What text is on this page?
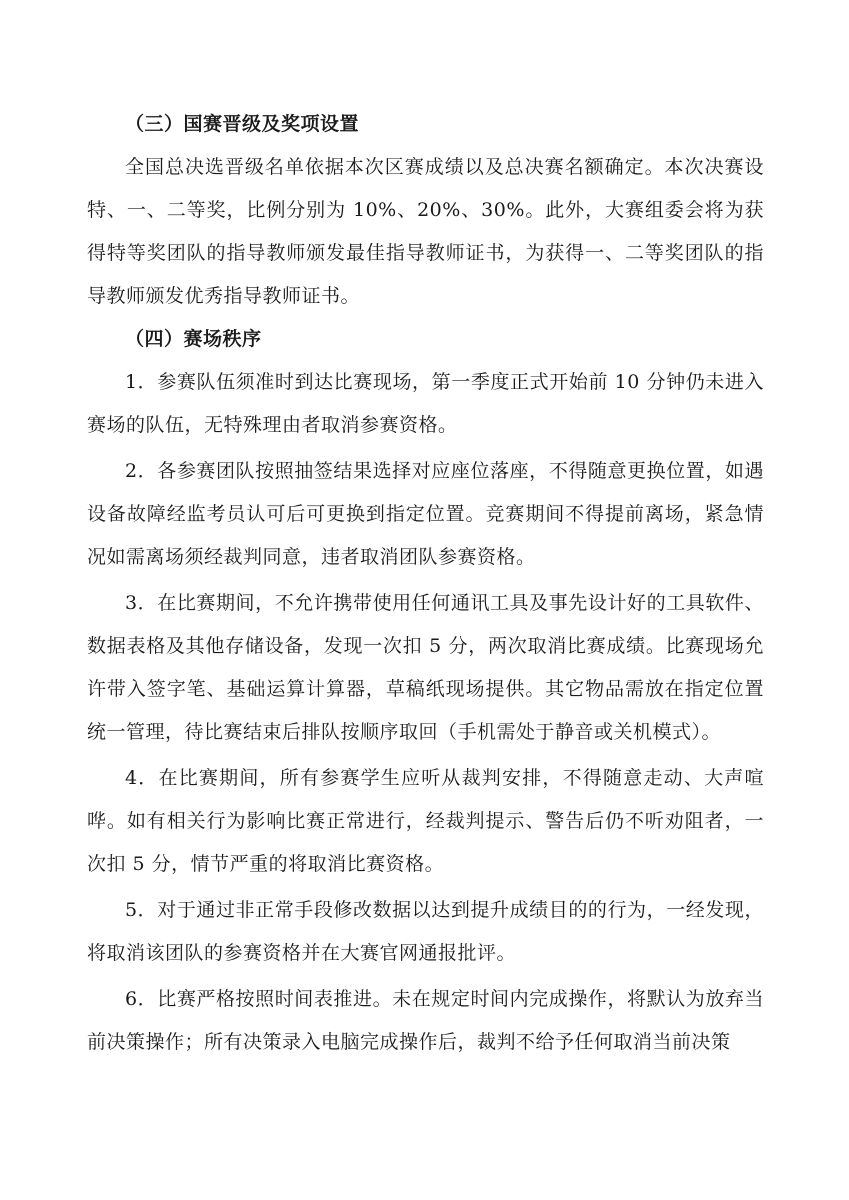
（三）国赛晋级及奖项设置

全国总决选晋级名单依据本次区赛成绩以及总决赛名额确定。本次决赛设特、一、二等奖，比例分别为 10%、20%、30%。此外，大赛组委会将为获得特等奖团队的指导教师颁发最佳指导教师证书，为获得一、二等奖团队的指导教师颁发优秀指导教师证书。

（四）赛场秩序

1．参赛队伍须准时到达比赛现场，第一季度正式开始前 10 分钟仍未进入赛场的队伍，无特殊理由者取消参赛资格。

2．各参赛团队按照抽签结果选择对应座位落座，不得随意更换位置，如遇设备故障经监考员认可后可更换到指定位置。竞赛期间不得提前离场，紧急情况如需离场须经裁判同意，违者取消团队参赛资格。

3．在比赛期间，不允许携带使用任何通讯工具及事先设计好的工具软件、数据表格及其他存储设备，发现一次扣 5 分，两次取消比赛成绩。比赛现场允许带入签字笔、基础运算计算器，草稿纸现场提供。其它物品需放在指定位置统一管理，待比赛结束后排队按顺序取回（手机需处于静音或关机模式）。

4．在比赛期间，所有参赛学生应听从裁判安排，不得随意走动、大声喧哗。如有相关行为影响比赛正常进行，经裁判提示、警告后仍不听劝阻者，一次扣 5 分，情节严重的将取消比赛资格。

5．对于通过非正常手段修改数据以达到提升成绩目的的行为，一经发现，将取消该团队的参赛资格并在大赛官网通报批评。

6．比赛严格按照时间表推进。未在规定时间内完成操作，将默认为放弃当前决策操作；所有决策录入电脑完成操作后，裁判不给予任何取消当前决策
